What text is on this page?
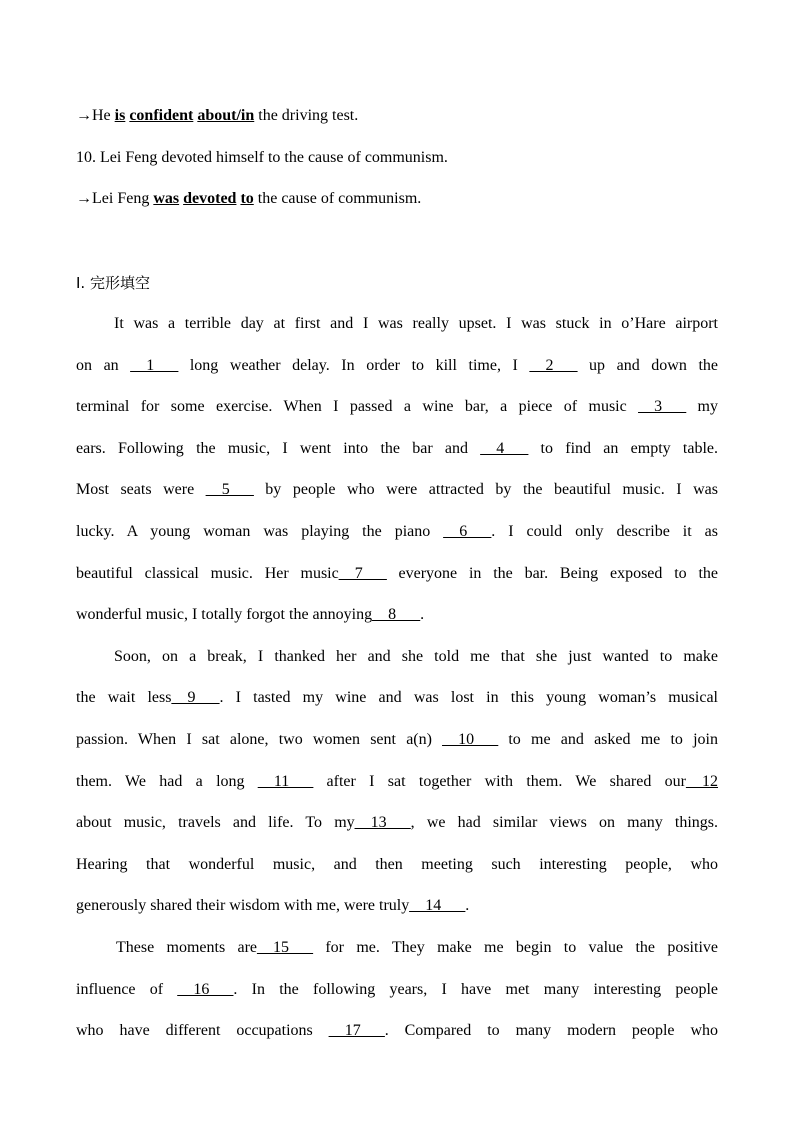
→He is confident about/in the driving test.
10. Lei Feng devoted himself to the cause of communism.
→Lei Feng was devoted to the cause of communism.
Ⅰ. 完形填空
It was a terrible day at first and I was really upset. I was stuck in o’Hare airport
on an __1___ long weather delay. In order to kill time, I __2___ up and down the
terminal for some exercise. When I passed a wine bar, a piece of music __3___ my
ears. Following the music, I went into the bar and __4___ to find an empty table.
Most seats were __5___ by people who were attracted by the beautiful music. I was
lucky. A young woman was playing the piano __6___. I could only describe it as
beautiful classical music. Her music__7___ everyone in the bar. Being exposed to the
wonderful music, I totally forgot the annoying__8___.
Soon, on a break, I thanked her and she told me that she just wanted to make
the wait less__9___. I tasted my wine and was lost in this young woman’s musical
passion. When I sat alone, two women sent a(n) __10___ to me and asked me to join
them. We had a long __11___ after I sat together with them. We shared our__12
about music, travels and life. To my__13___, we had similar views on many things.
Hearing that wonderful music, and then meeting such interesting people, who
generously shared their wisdom with me, were truly__14___.
These moments are__15___ for me. They make me begin to value the positive
influence of __16___. In the following years, I have met many interesting people
who have different occupations __17___. Compared to many modern people who
